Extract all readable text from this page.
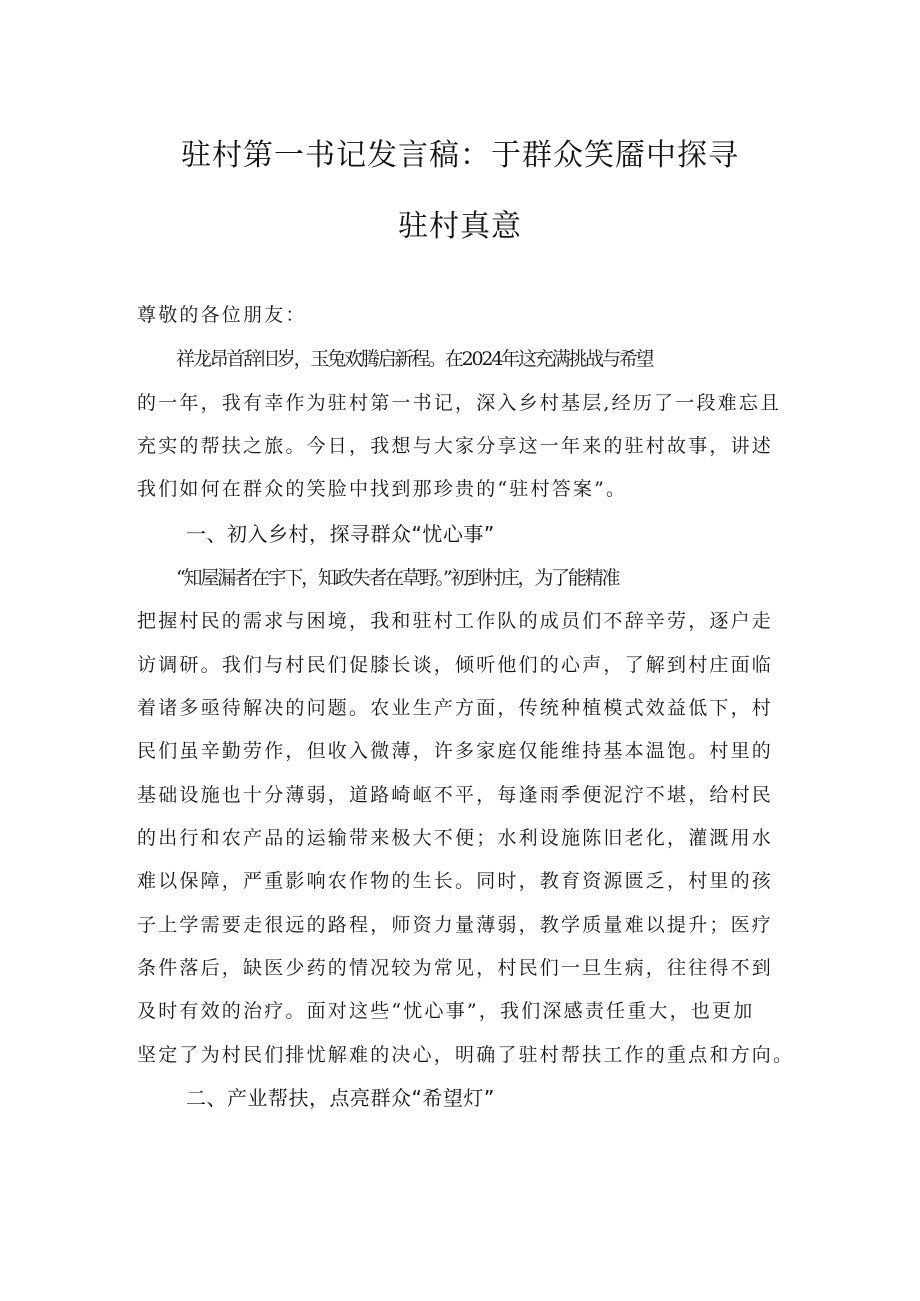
驻村第一书记发言稿：于群众笑靥中探寻
驻村真意
尊敬的各位朋友：
祥龙昂首辞旧岁，玉兔欢腾启新程。在2024年这充满挑战与希望
的一年，我有幸作为驻村第一书记，深入乡村基层,经历了一段难忘且
充实的帮扶之旅。今日，我想与大家分享这一年来的驻村故事，讲述
我们如何在群众的笑脸中找到那珍贵的“驻村答案”。
一、初入乡村，探寻群众“忧心事”
“知屋漏者在宇下，知政失者在草野。”初到村庄，为了能精准
把握村民的需求与困境，我和驻村工作队的成员们不辞辛劳，逐户走
访调研。我们与村民们促膝长谈，倾听他们的心声，了解到村庄面临
着诸多亟待解决的问题。农业生产方面，传统种植模式效益低下，村
民们虽辛勤劳作，但收入微薄，许多家庭仅能维持基本温饱。村里的
基础设施也十分薄弱，道路崎岖不平，每逢雨季便泥泞不堪，给村民
的出行和农产品的运输带来极大不便；水利设施陈旧老化，灌溉用水
难以保障，严重影响农作物的生长。同时，教育资源匮乏，村里的孩
子上学需要走很远的路程，师资力量薄弱，教学质量难以提升；医疗
条件落后，缺医少药的情况较为常见，村民们一旦生病，往往得不到
及时有效的治疗。面对这些“忧心事”，我们深感责任重大，也更加
坚定了为村民们排忧解难的决心，明确了驻村帮扶工作的重点和方向。
二、产业帮扶，点亮群众“希望灯”
